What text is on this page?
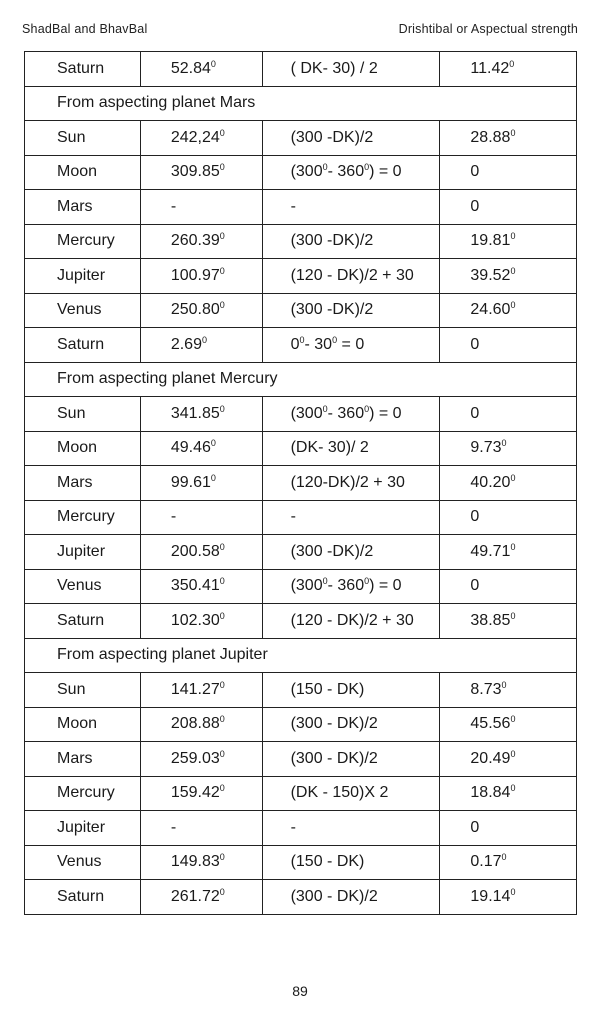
ShadBal and BhavBal	Drishtibal or Aspectual strength
Saturn	52.84$^0$	( DK- 30) / 2	11.42$^0$
From aspecting planet Mars			
Sun	242,24$^0$	(300 -DK)/2	28.88$^0$
Moon	309.85$^0$	($300^0-$ $360^0) = 0$	0
Mars	-	-	0
Mercury	260.39$^0$	(300 -DK)/2	19.81$^0$
Jupiter	100.97$^0$	(120 - DK)/2 + 30	39.52$^0$
Venus	250.80$^0$	(300 -DK)/2	24.60$^0$
Saturn	2.69$^0$	$0^0-$ $30^0 = 0$	0
From aspecting planet Mercury			
Sun	341.85$^0$	($300^0-$ $360^0) = 0$	0
Moon	49.46$^0$	(DK- 30)/ 2	9.73$^0$
Mars	99.61$^0$	(120-DK)/2 + 30	40.20$^0$
Mercury	-	-	0
Jupiter	200.58$^0$	(300 -DK)/2	49.71$^0$
Venus	350.41$^0$	($300^0-$ $360^0) = 0$	0
Saturn	102.30$^0$	(120 - DK)/2 + 30	38.85$^0$
From aspecting planet Jupiter			
Sun	141.27$^0$	(150 - DK)	8.73$^0$
Moon	208.88$^0$	(300 - DK)/2	45.56$^0$
Mars	259.03$^0$	(300 - DK)/2	20.49$^0$
Mercury	159.42$^0$	(DK - 150)X 2	18.84$^0$
Jupiter	-	-	0
Venus	149.83$^0$	(150 - DK)	0.17$^0$
Saturn	261.72$^0$	(300 - DK)/2	19.14$^0$
89
